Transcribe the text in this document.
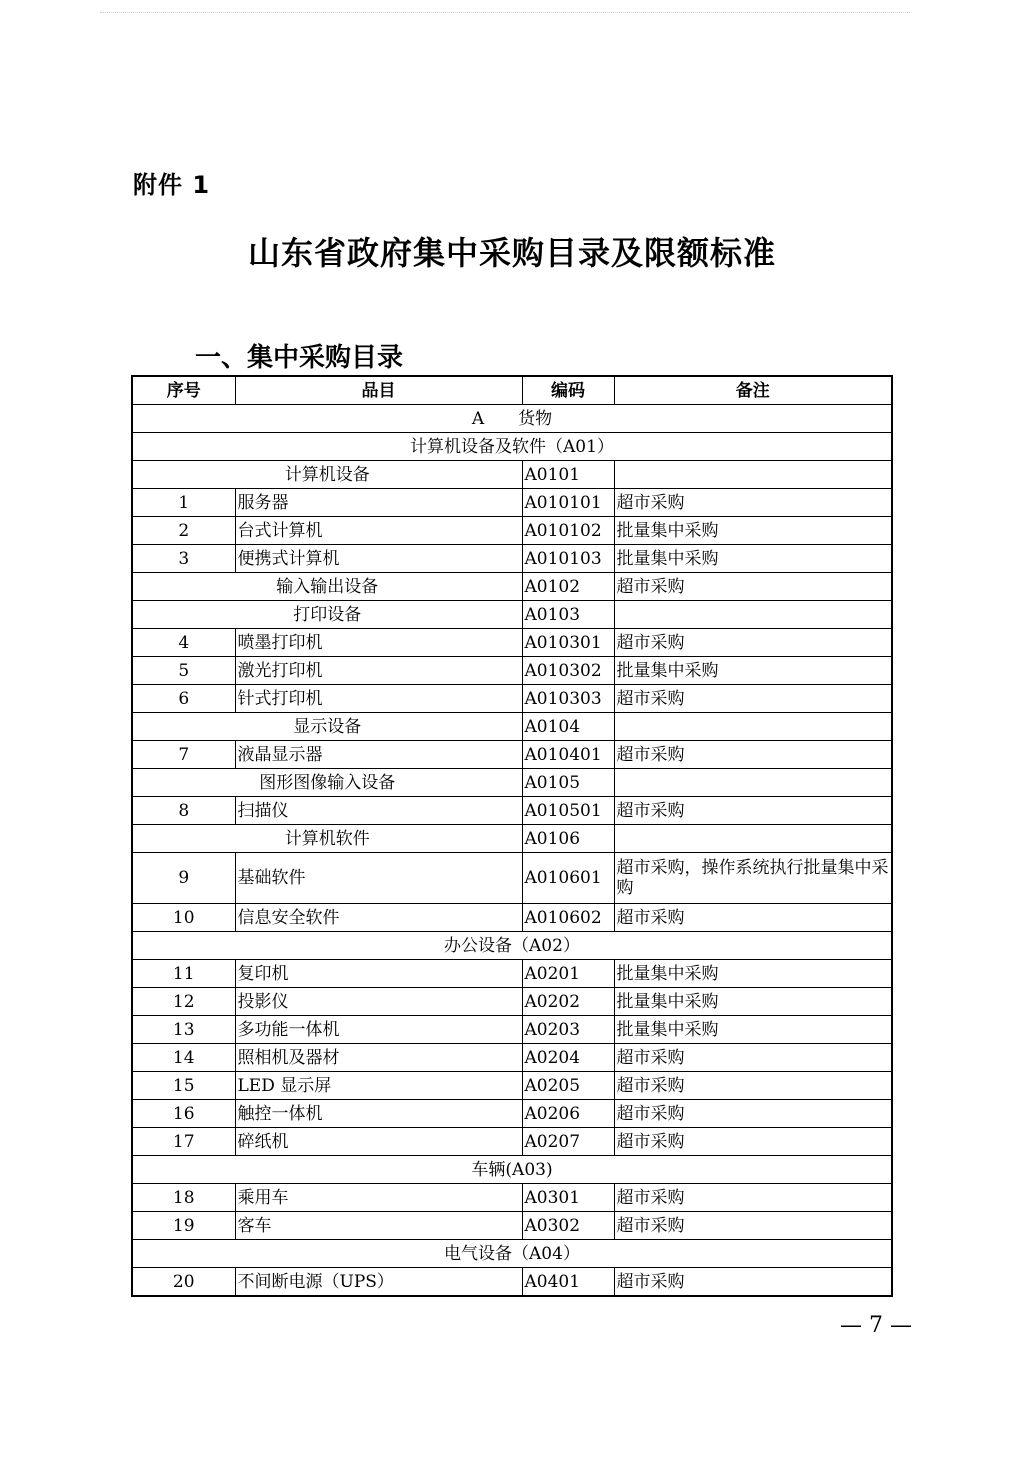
附件 1
山东省政府集中采购目录及限额标准
一、集中采购目录
序号	品目	编码	备注
A　　货物			
计算机设备及软件（A01）			
计算机设备		A0101	
1	服务器	A010101	超市采购
2	台式计算机	A010102	批量集中采购
3	便携式计算机	A010103	批量集中采购
输入输出设备		A0102	超市采购
打印设备		A0103	
4	喷墨打印机	A010301	超市采购
5	激光打印机	A010302	批量集中采购
6	针式打印机	A010303	超市采购
显示设备		A0104	
7	液晶显示器	A010401	超市采购
图形图像输入设备		A0105	
8	扫描仪	A010501	超市采购
计算机软件		A0106	
9	基础软件	A010601	超市采购，操作系统执行批量集中采购
10	信息安全软件	A010602	超市采购
办公设备（A02）			
11	复印机	A0201	批量集中采购
12	投影仪	A0202	批量集中采购
13	多功能一体机	A0203	批量集中采购
14	照相机及器材	A0204	超市采购
15	LED 显示屏	A0205	超市采购
16	触控一体机	A0206	超市采购
17	碎纸机	A0207	超市采购
车辆(A03)			
18	乘用车	A0301	超市采购
19	客车	A0302	超市采购
电气设备（A04）			
20	不间断电源（UPS）	A0401	超市采购
— 7 —
